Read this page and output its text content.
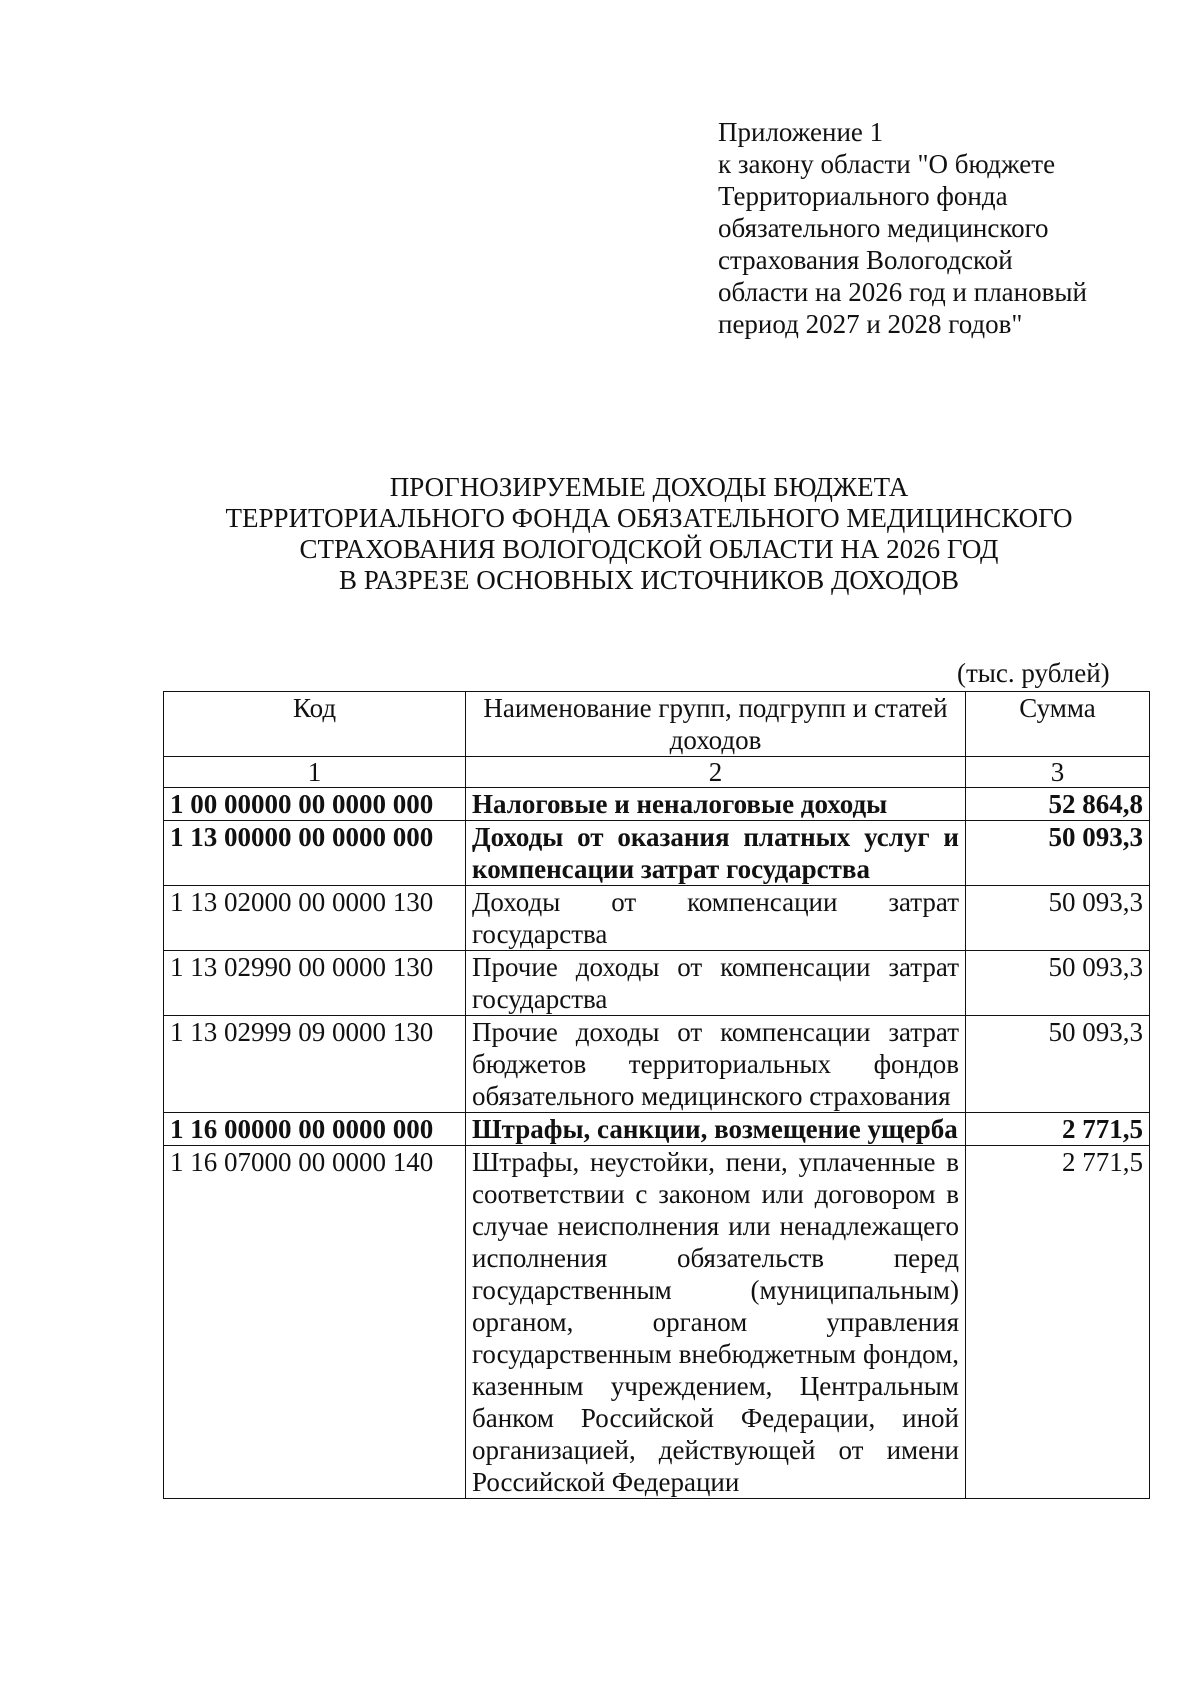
Приложение 1
к закону области "О бюджете
Территориального фонда
обязательного медицинского
страхования Вологодской
области на 2026 год и плановый
период 2027 и 2028 годов"
ПРОГНОЗИРУЕМЫЕ ДОХОДЫ БЮДЖЕТА
ТЕРРИТОРИАЛЬНОГО ФОНДА ОБЯЗАТЕЛЬНОГО МЕДИЦИНСКОГО
СТРАХОВАНИЯ ВОЛОГОДСКОЙ ОБЛАСТИ НА 2026 ГОД
В РАЗРЕЗЕ ОСНОВНЫХ ИСТОЧНИКОВ ДОХОДОВ
(тыс. рублей)
Код	Наименование групп, подгрупп и статей доходов	Сумма
1	2	3
1 00 00000 00 0000 000	Налоговые и неналоговые доходы	52 864,8
1 13 00000 00 0000 000	Доходы от оказания платных услуг и компенсации затрат государства	50 093,3
1 13 02000 00 0000 130	Доходы от компенсации затрат государства	50 093,3
1 13 02990 00 0000 130	Прочие доходы от компенсации затрат государства	50 093,3
1 13 02999 09 0000 130	Прочие доходы от компенсации затрат бюджетов территориальных фондов обязательного медицинского страхования	50 093,3
1 16 00000 00 0000 000	Штрафы, санкции, возмещение ущерба	2 771,5
1 16 07000 00 0000 140	Штрафы, неустойки, пени, уплаченные в соответствии с законом или договором в случае неисполнения или ненадлежащего исполнения обязательств перед государственным (муниципальным) органом, органом управления государственным внебюджетным фондом, казенным учреждением, Центральным банком Российской Федерации, иной организацией, действующей от имени Российской Федерации	2 771,5
